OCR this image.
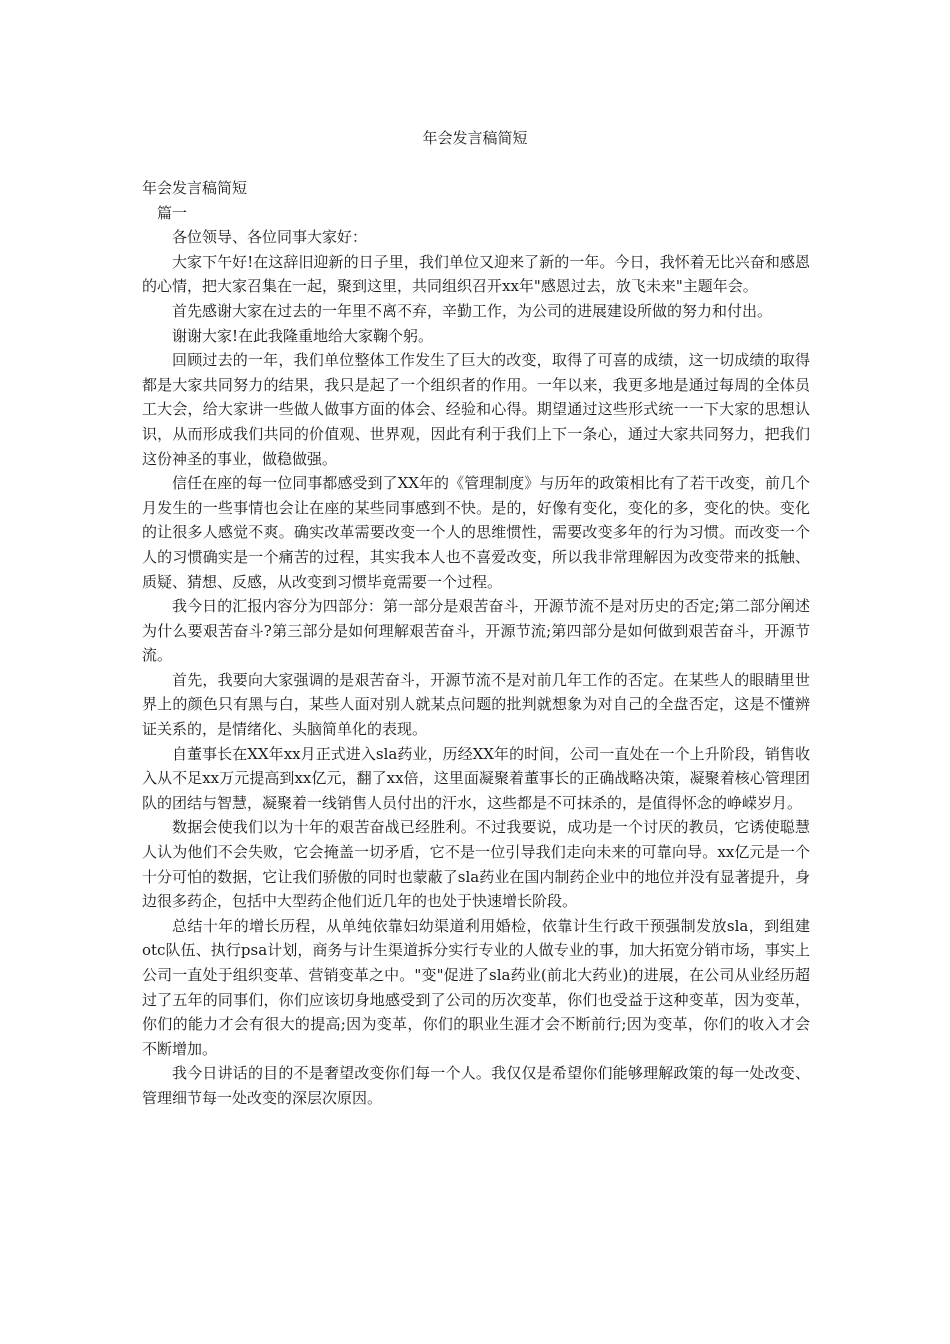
年会发言稿简短

年会发言稿简短

篇一

各位领导、各位同事大家好：

大家下午好!在这辞旧迎新的日子里，我们单位又迎来了新的一年。今日，我怀着无比兴奋和感恩的心情，把大家召集在一起，聚到这里，共同组织召开xx年"感恩过去，放飞未来"主题年会。

首先感谢大家在过去的一年里不离不弃，辛勤工作，为公司的进展建设所做的努力和付出。

谢谢大家!在此我隆重地给大家鞠个躬。

回顾过去的一年，我们单位整体工作发生了巨大的改变，取得了可喜的成绩，这一切成绩的取得都是大家共同努力的结果，我只是起了一个组织者的作用。一年以来，我更多地是通过每周的全体员工大会，给大家讲一些做人做事方面的体会、经验和心得。期望通过这些形式统一一下大家的思想认识，从而形成我们共同的价值观、世界观，因此有利于我们上下一条心，通过大家共同努力，把我们这份神圣的事业，做稳做强。

信任在座的每一位同事都感受到了XX年的《管理制度》与历年的政策相比有了若干改变，前几个月发生的一些事情也会让在座的某些同事感到不快。是的，好像有变化，变化的多，变化的快。变化的让很多人感觉不爽。确实改革需要改变一个人的思维惯性，需要改变多年的行为习惯。而改变一个人的习惯确实是一个痛苦的过程，其实我本人也不喜爱改变，所以我非常理解因为改变带来的抵触、质疑、猜想、反感，从改变到习惯毕竟需要一个过程。

我今日的汇报内容分为四部分：第一部分是艰苦奋斗，开源节流不是对历史的否定;第二部分阐述为什么要艰苦奋斗?第三部分是如何理解艰苦奋斗，开源节流;第四部分是如何做到艰苦奋斗，开源节流。

首先，我要向大家强调的是艰苦奋斗，开源节流不是对前几年工作的否定。在某些人的眼睛里世界上的颜色只有黑与白，某些人面对别人就某点问题的批判就想象为对自己的全盘否定，这是不懂辨证关系的，是情绪化、头脑简单化的表现。

自董事长在XX年xx月正式进入sla药业，历经XX年的时间，公司一直处在一个上升阶段，销售收入从不足xx万元提高到xx亿元，翻了xx倍，这里面凝聚着董事长的正确战略决策，凝聚着核心管理团队的团结与智慧，凝聚着一线销售人员付出的汗水，这些都是不可抹杀的，是值得怀念的峥嵘岁月。

数据会使我们以为十年的艰苦奋战已经胜利。不过我要说，成功是一个讨厌的教员，它诱使聪慧人认为他们不会失败，它会掩盖一切矛盾，它不是一位引导我们走向未来的可靠向导。xx亿元是一个十分可怕的数据，它让我们骄傲的同时也蒙蔽了sla药业在国内制药企业中的地位并没有显著提升，身边很多药企，包括中大型药企他们近几年的也处于快速增长阶段。

总结十年的增长历程，从单纯依靠妇幼渠道利用婚检，依靠计生行政干预强制发放sla，到组建otc队伍、执行psa计划，商务与计生渠道拆分实行专业的人做专业的事，加大拓宽分销市场，事实上公司一直处于组织变革、营销变革之中。"变"促进了sla药业(前北大药业)的进展，在公司从业经历超过了五年的同事们，你们应该切身地感受到了公司的历次变革，你们也受益于这种变革，因为变革，你们的能力才会有很大的提高;因为变革，你们的职业生涯才会不断前行;因为变革，你们的收入才会不断增加。

我今日讲话的目的不是奢望改变你们每一个人。我仅仅是希望你们能够理解政策的每一处改变、管理细节每一处改变的深层次原因。
